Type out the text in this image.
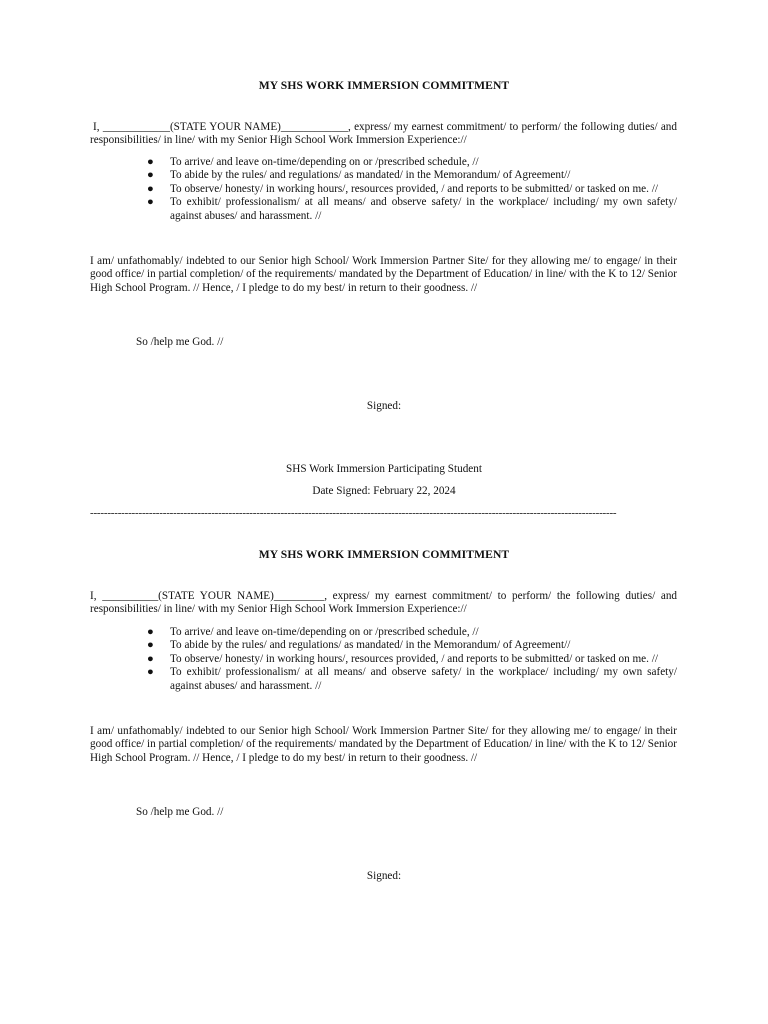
MY SHS WORK IMMERSION COMMITMENT
I, ____________(STATE YOUR NAME)____________, express/ my earnest commitment/ to perform/ the following duties/ and responsibilities/ in line/ with my Senior High School Work Immersion Experience://
● To arrive/ and leave on-time/depending on or /prescribed schedule, //
● To abide by the rules/ and regulations/ as mandated/ in the Memorandum/ of Agreement//
● To observe/ honesty/ in working hours/, resources provided, / and reports to be submitted/ or tasked on me. //
● To exhibit/ professionalism/ at all means/ and observe safety/ in the workplace/ including/ my own safety/ against abuses/ and harassment. //
I am/ unfathomably/ indebted to our Senior high School/ Work Immersion Partner Site/ for they allowing me/ to engage/ in their good office/ in partial completion/ of the requirements/ mandated by the Department of Education/ in line/ with the K to 12/ Senior High School Program. // Hence, / I pledge to do my best/ in return to their goodness. //
So /help me God. //
Signed:
SHS Work Immersion Participating Student
Date Signed: February 22, 2024
--------------------------------------------------------------------------------------------------------------------------------------------------------
MY SHS WORK IMMERSION COMMITMENT
I, __________(STATE YOUR NAME)_________, express/ my earnest commitment/ to perform/ the following duties/ and responsibilities/ in line/ with my Senior High School Work Immersion Experience://
● To arrive/ and leave on-time/depending on or /prescribed schedule, //
● To abide by the rules/ and regulations/ as mandated/ in the Memorandum/ of Agreement//
● To observe/ honesty/ in working hours/, resources provided, / and reports to be submitted/ or tasked on me. //
● To exhibit/ professionalism/ at all means/ and observe safety/ in the workplace/ including/ my own safety/ against abuses/ and harassment. //
I am/ unfathomably/ indebted to our Senior high School/ Work Immersion Partner Site/ for they allowing me/ to engage/ in their good office/ in partial completion/ of the requirements/ mandated by the Department of Education/ in line/ with the K to 12/ Senior High School Program. // Hence, / I pledge to do my best/ in return to their goodness. //
So /help me God. //
Signed:
